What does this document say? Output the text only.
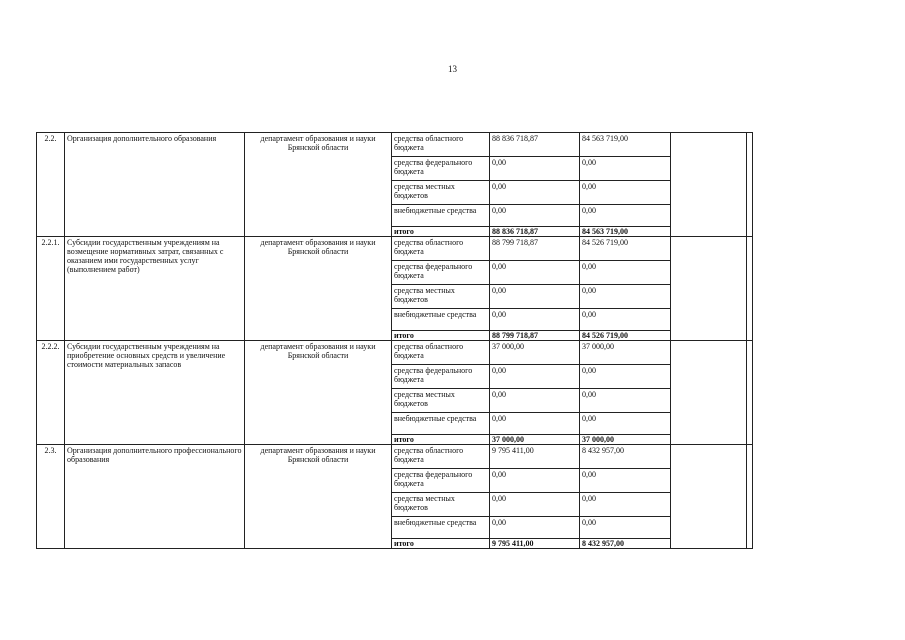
13
2.2.	Организация дополнительного образования	департамент образования и науки Брянской области	средства областного бюджета	88 836 718,87	84 563 719,00		
			средства федерального бюджета	0,00	0,00		
			средства местных бюджетов	0,00	0,00		
			внебюджетные средства	0,00	0,00		
			итого	88 836 718,87	84 563 719,00		
2.2.1.	Субсидии государственным учреждениям на возмещение нормативных затрат, связанных с оказанием ими государственных услуг (выполнением работ)	департамент образования и науки Брянской области	средства областного бюджета	88 799 718,87	84 526 719,00		
			средства федерального бюджета	0,00	0,00		
			средства местных бюджетов	0,00	0,00		
			внебюджетные средства	0,00	0,00		
			итого	88 799 718,87	84 526 719,00		
2.2.2.	Субсидии государственным учреждениям на приобретение основных средств и увеличение стоимости материальных запасов	департамент образования и науки Брянской области	средства областного бюджета	37 000,00	37 000,00		
			средства федерального бюджета	0,00	0,00		
			средства местных бюджетов	0,00	0,00		
			внебюджетные средства	0,00	0,00		
			итого	37 000,00	37 000,00		
2.3.	Организация дополнительного профессионального образования	департамент образования и науки Брянской области	средства областного бюджета	9 795 411,00	8 432 957,00		
			средства федерального бюджета	0,00	0,00		
			средства местных бюджетов	0,00	0,00		
			внебюджетные средства	0,00	0,00		
			итого	9 795 411,00	8 432 957,00		
